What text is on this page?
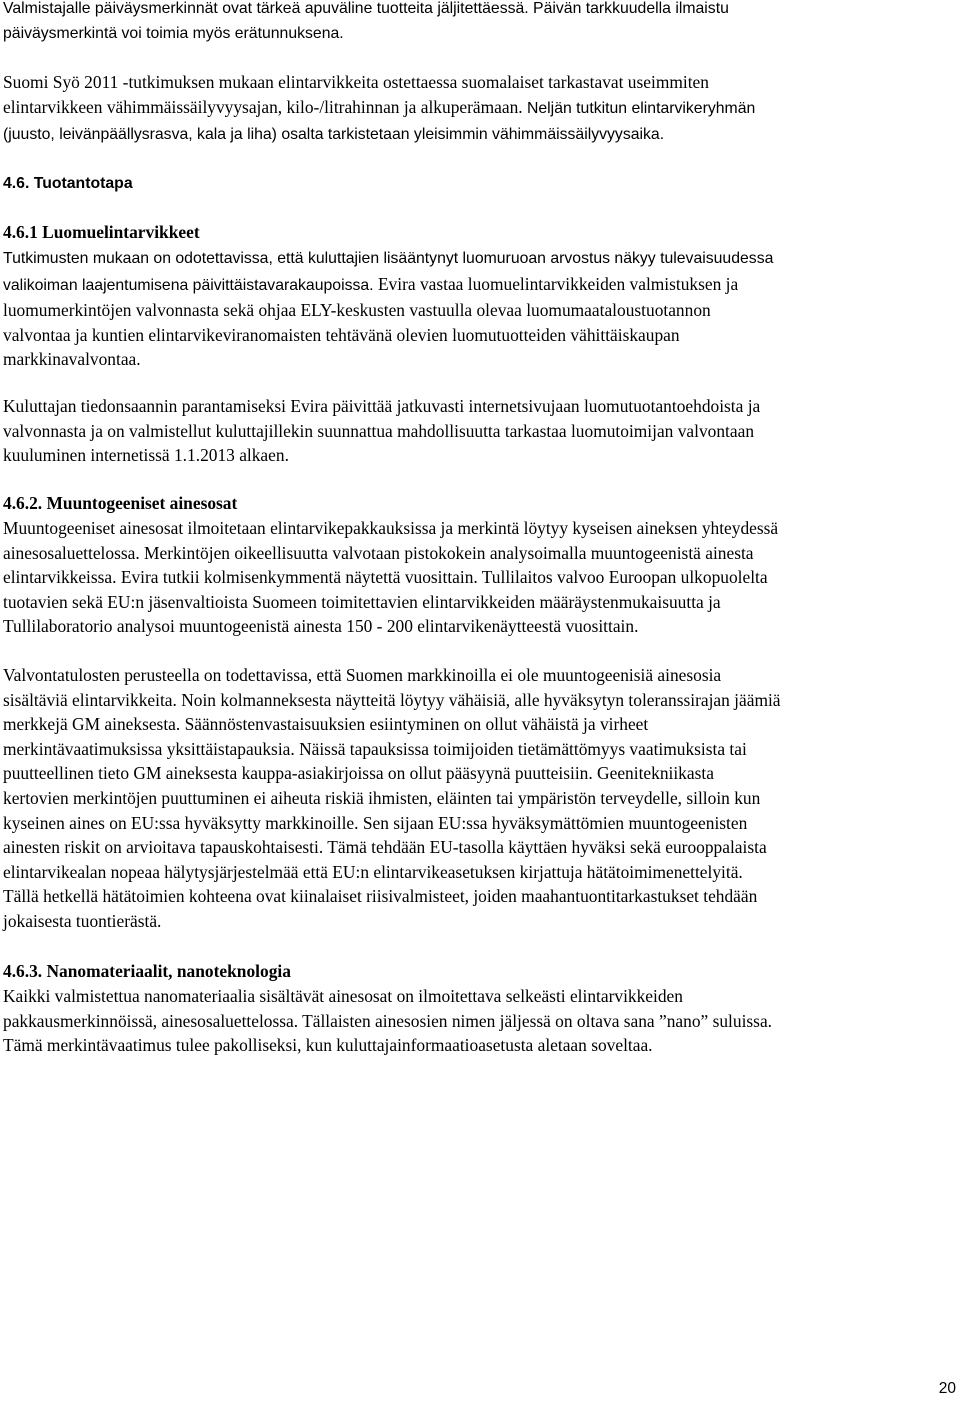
Valmistajalle päiväysmerkinnät ovat tärkeä apuväline tuotteita jäljitettäessä. Päivän tarkkuudella ilmaistu
päiväysmerkintä voi toimia myös erätunnuksena.

Suomi Syö 2011 -tutkimuksen mukaan elintarvikkeita ostettaessa suomalaiset tarkastavat useimmiten
elintarvikkeen vähimmäissäilyvyysajan, kilo-/litrahinnan ja alkuperämaan. Neljän tutkitun elintarvikeryhmän
(juusto, leivänpäällysrasva, kala ja liha) osalta tarkistetaan yleisimmin vähimmäissäilyvyysaika.

4.6. Tuotantotapa
4.6.1 Luomuelintarvikkeet

Tutkimusten mukaan on odotettavissa, että kuluttajien lisääntynyt luomuruoan arvostus näkyy tulevaisuudessa
valikoiman laajentumisena päivittäistavarakaupoissa. Evira vastaa luomuelintarvikkeiden valmistuksen ja
luomumerkintöjen valvonnasta sekä ohjaa ELY-keskusten vastuulla olevaa luomumaataloustuotannon
valvontaa ja kuntien elintarvikeviranomaisten tehtävänä olevien luomutuotteiden vähittäiskaupan
markkinavalvontaa.

Kuluttajan tiedonsaannin parantamiseksi Evira päivittää jatkuvasti internetsivujaan luomutuotantoehdoista ja
valvonnasta ja on valmistellut kuluttajillekin suunnattua mahdollisuutta tarkastaa luomutoimijan valvontaan
kuuluminen internetissä 1.1.2013 alkaen.

4.6.2. Muuntogeeniset ainesosat

Muuntogeeniset ainesosat ilmoitetaan elintarvikepakkauksissa ja merkintä löytyy kyseisen aineksen yhteydessä
ainesosaluettelossa. Merkintöjen oikeellisuutta valvotaan pistokokein analysoimalla muuntogeenistä ainesta
elintarvikkeissa. Evira tutkii kolmisenkymmentä näytettä vuosittain. Tullilaitos valvoo Euroopan ulkopuolelta
tuotavien sekä EU:n jäsenvaltioista Suomeen toimitettavien elintarvikkeiden määräystenmukaisuutta ja
Tullilaboratorio analysoi muuntogeenistä ainesta 150 - 200 elintarvikenäytteestä vuosittain.

Valvontatulosten perusteella on todettavissa, että Suomen markkinoilla ei ole muuntogeenisiä ainesosia
sisältäviä elintarvikkeita. Noin kolmanneksesta näytteitä löytyy vähäisiä, alle hyväksytyn toleranssirajan jäämiä
merkkejä GM aineksesta. Säännöstenvastaisuuksien esiintyminen on ollut vähäistä ja virheet
merkintävaatimuksissa yksittäistapauksia. Näissä tapauksissa toimijoiden tietämättömyys vaatimuksista tai
puutteellinen tieto GM aineksesta kauppa-asiakirjoissa on ollut pääsyynä puutteisiin. Geenitekniikasta
kertovien merkintöjen puuttuminen ei aiheuta riskiä ihmisten, eläinten tai ympäristön terveydelle, silloin kun
kyseinen aines on EU:ssa hyväksytty markkinoille. Sen sijaan EU:ssa hyväksymättömien muuntogeenisten
ainesten riskit on arvioitava tapauskohtaisesti. Tämä tehdään EU-tasolla käyttäen hyväksi sekä eurooppalaista
elintarvikealan nopeaa hälytysjärjestelmää että EU:n elintarvikeasetuksen kirjattuja hätätoimimenettelyitä.
Tällä hetkellä hätätoimien kohteena ovat kiinalaiset riisivalmisteet, joiden maahantuontitarkastukset tehdään
jokaisesta tuontierästä.

4.6.3. Nanomateriaalit, nanoteknologia

Kaikki valmistettua nanomateriaalia sisältävät ainesosat on ilmoitettava selkeästi elintarvikkeiden
pakkausmerkinnöissä, ainesosaluettelossa. Tällaisten ainesosien nimen jäljessä on oltava sana ”nano” suluissa.
Tämä merkintävaatimus tulee pakolliseksi, kun kuluttajainformaatioasetusta aletaan soveltaa.

20
